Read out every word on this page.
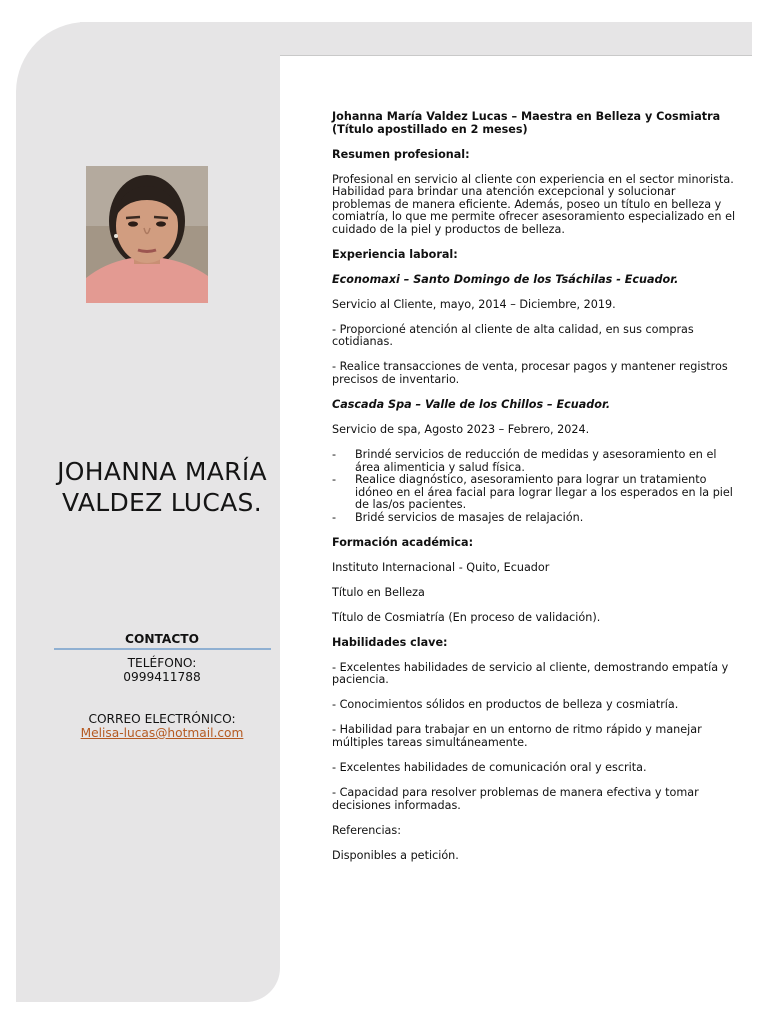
JOHANNA MARÍA VALDEZ LUCAS.
CONTACTO
TELÉFONO:
0999411788
CORREO ELECTRÓNICO:
Melisa-lucas@hotmail.com

Johanna María Valdez Lucas – Maestra en Belleza y Cosmiatra (Título apostillado en 2 meses)

Resumen profesional:

Profesional en servicio al cliente con experiencia en el sector minorista. Habilidad para brindar una atención excepcional y solucionar problemas de manera eficiente. Además, poseo un título en belleza y comiatría, lo que me permite ofrecer asesoramiento especializado en el cuidado de la piel y productos de belleza.

Experiencia laboral:

Economaxi – Santo Domingo de los Tsáchilas - Ecuador.

Servicio al Cliente, mayo, 2014 – Diciembre, 2019.

- Proporcioné atención al cliente de alta calidad, en sus compras cotidianas.

- Realice transacciones de venta, procesar pagos y mantener registros precisos de inventario.

Cascada Spa – Valle de los Chillos – Ecuador.

Servicio de spa, Agosto 2023 – Febrero, 2024.

- Brindé servicios de reducción de medidas y asesoramiento en el área alimenticia y salud física.
- Realice diagnóstico, asesoramiento para lograr un tratamiento idóneo en el área facial para lograr llegar a los esperados en la piel de las/os pacientes.
- Bridé servicios de masajes de relajación.

Formación académica:

Instituto Internacional - Quito, Ecuador

Título en Belleza

Título de Cosmiatría (En proceso de validación).

Habilidades clave:

- Excelentes habilidades de servicio al cliente, demostrando empatía y paciencia.

- Conocimientos sólidos en productos de belleza y cosmiatría.

- Habilidad para trabajar en un entorno de ritmo rápido y manejar múltiples tareas simultáneamente.

- Excelentes habilidades de comunicación oral y escrita.

- Capacidad para resolver problemas de manera efectiva y tomar decisiones informadas.

Referencias:

Disponibles a petición.
